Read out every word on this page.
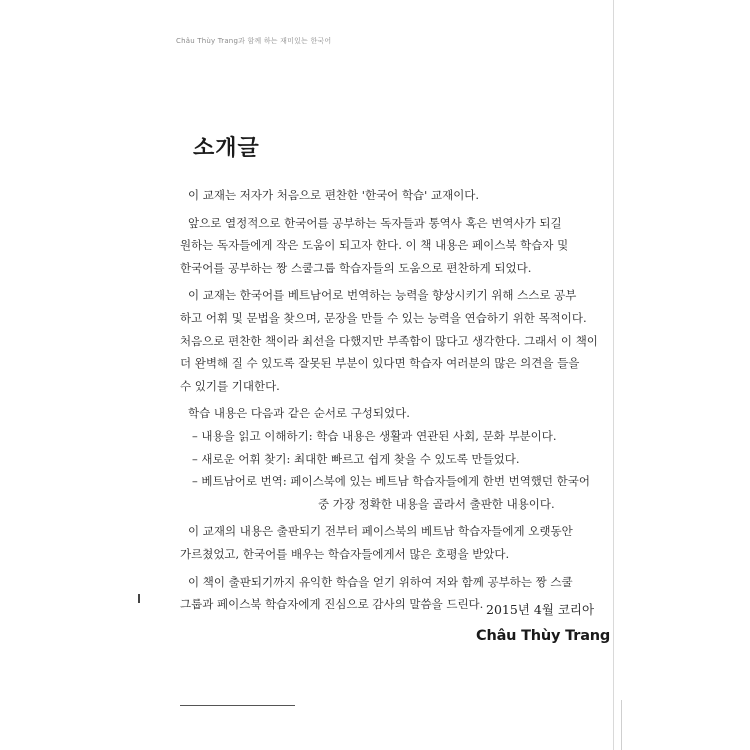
Châu Thùy Trang과 함께 하는 재미있는 한국어
소개글
이 교재는 저자가 처음으로 편찬한 '한국어 학습' 교재이다.
앞으로 열정적으로 한국어를 공부하는 독자들과 통역사 혹은 번역사가 되길
원하는 독자들에게 작은 도움이 되고자 한다. 이 책 내용은 페이스북 학습자 및
한국어를 공부하는 짱 스쿨그룹 학습자들의 도움으로 편찬하게 되었다.
이 교재는 한국어를 베트남어로 번역하는 능력을 향상시키기 위해 스스로 공부
하고 어휘 및 문법을 찾으며, 문장을 만들 수 있는 능력을 연습하기 위한 목적이다.
처음으로 편찬한 책이라 최선을 다했지만 부족함이 많다고 생각한다. 그래서 이 책이
더 완벽해 질 수 있도록 잘못된 부분이 있다면 학습자 여러분의 많은 의견을 들을
수 있기를 기대한다.
학습 내용은 다음과 같은 순서로 구성되었다.
– 내용을 읽고 이해하기: 학습 내용은 생활과 연관된 사회, 문화 부분이다.
– 새로운 어휘 찾기: 최대한 빠르고 쉽게 찾을 수 있도록 만들었다.
– 베트남어로 번역: 페이스북에 있는 베트남 학습자들에게 한번 번역했던 한국어
중 가장 정확한 내용을 골라서 출판한 내용이다.
이 교재의 내용은 출판되기 전부터 페이스북의 베트남 학습자들에게 오랫동안
가르쳤었고, 한국어를 배우는 학습자들에게서 많은 호평을 받았다.
이 책이 출판되기까지 유익한 학습을 얻기 위하여 저와 함께 공부하는 짱 스쿨
그룹과 페이스북 학습자에게 진심으로 감사의 말씀을 드린다. 2015년 4월 코리아
Châu Thùy Trang
